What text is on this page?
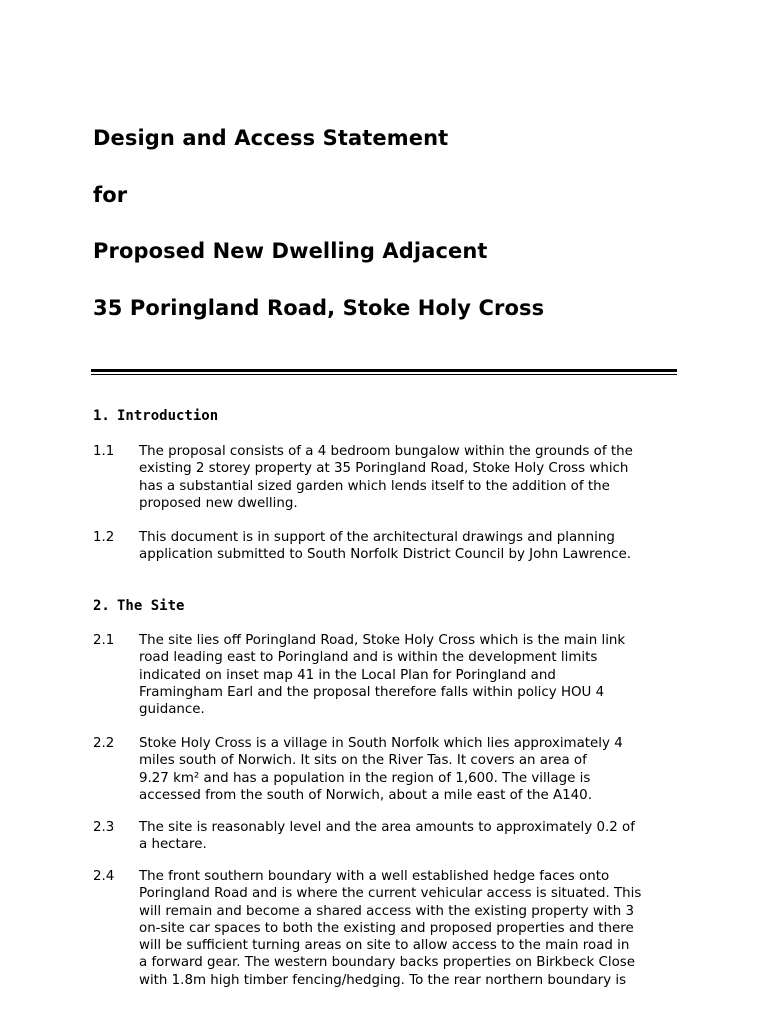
Design and Access Statement
for
Proposed New Dwelling Adjacent
35 Poringland Road, Stoke Holy Cross
1. Introduction
1.1	The proposal consists of a 4 bedroom bungalow within the grounds of the
existing 2 storey property at 35 Poringland Road, Stoke Holy Cross which
has a substantial sized garden which lends itself to the addition of the
proposed new dwelling.
1.2	This document is in support of the architectural drawings and planning
application submitted to South Norfolk District Council by John Lawrence.
2. The Site
2.1	The site lies off Poringland Road, Stoke Holy Cross which is the main link
road leading east to Poringland and is within the development limits
indicated on inset map 41 in the Local Plan for Poringland and
Framingham Earl and the proposal therefore falls within policy HOU 4
guidance.
2.2	Stoke Holy Cross is a village in South Norfolk which lies approximately 4
miles south of Norwich. It sits on the River Tas. It covers an area of
9.27 km² and has a population in the region of 1,600. The village is
accessed from the south of Norwich, about a mile east of the A140.
2.3	The site is reasonably level and the area amounts to approximately 0.2 of
a hectare.
2.4	The front southern boundary with a well established hedge faces onto
Poringland Road and is where the current vehicular access is situated. This
will remain and become a shared access with the existing property with 3
on-site car spaces to both the existing and proposed properties and there
will be sufficient turning areas on site to allow access to the main road in
a forward gear. The western boundary backs properties on Birkbeck Close
with 1.8m high timber fencing/hedging. To the rear northern boundary is
